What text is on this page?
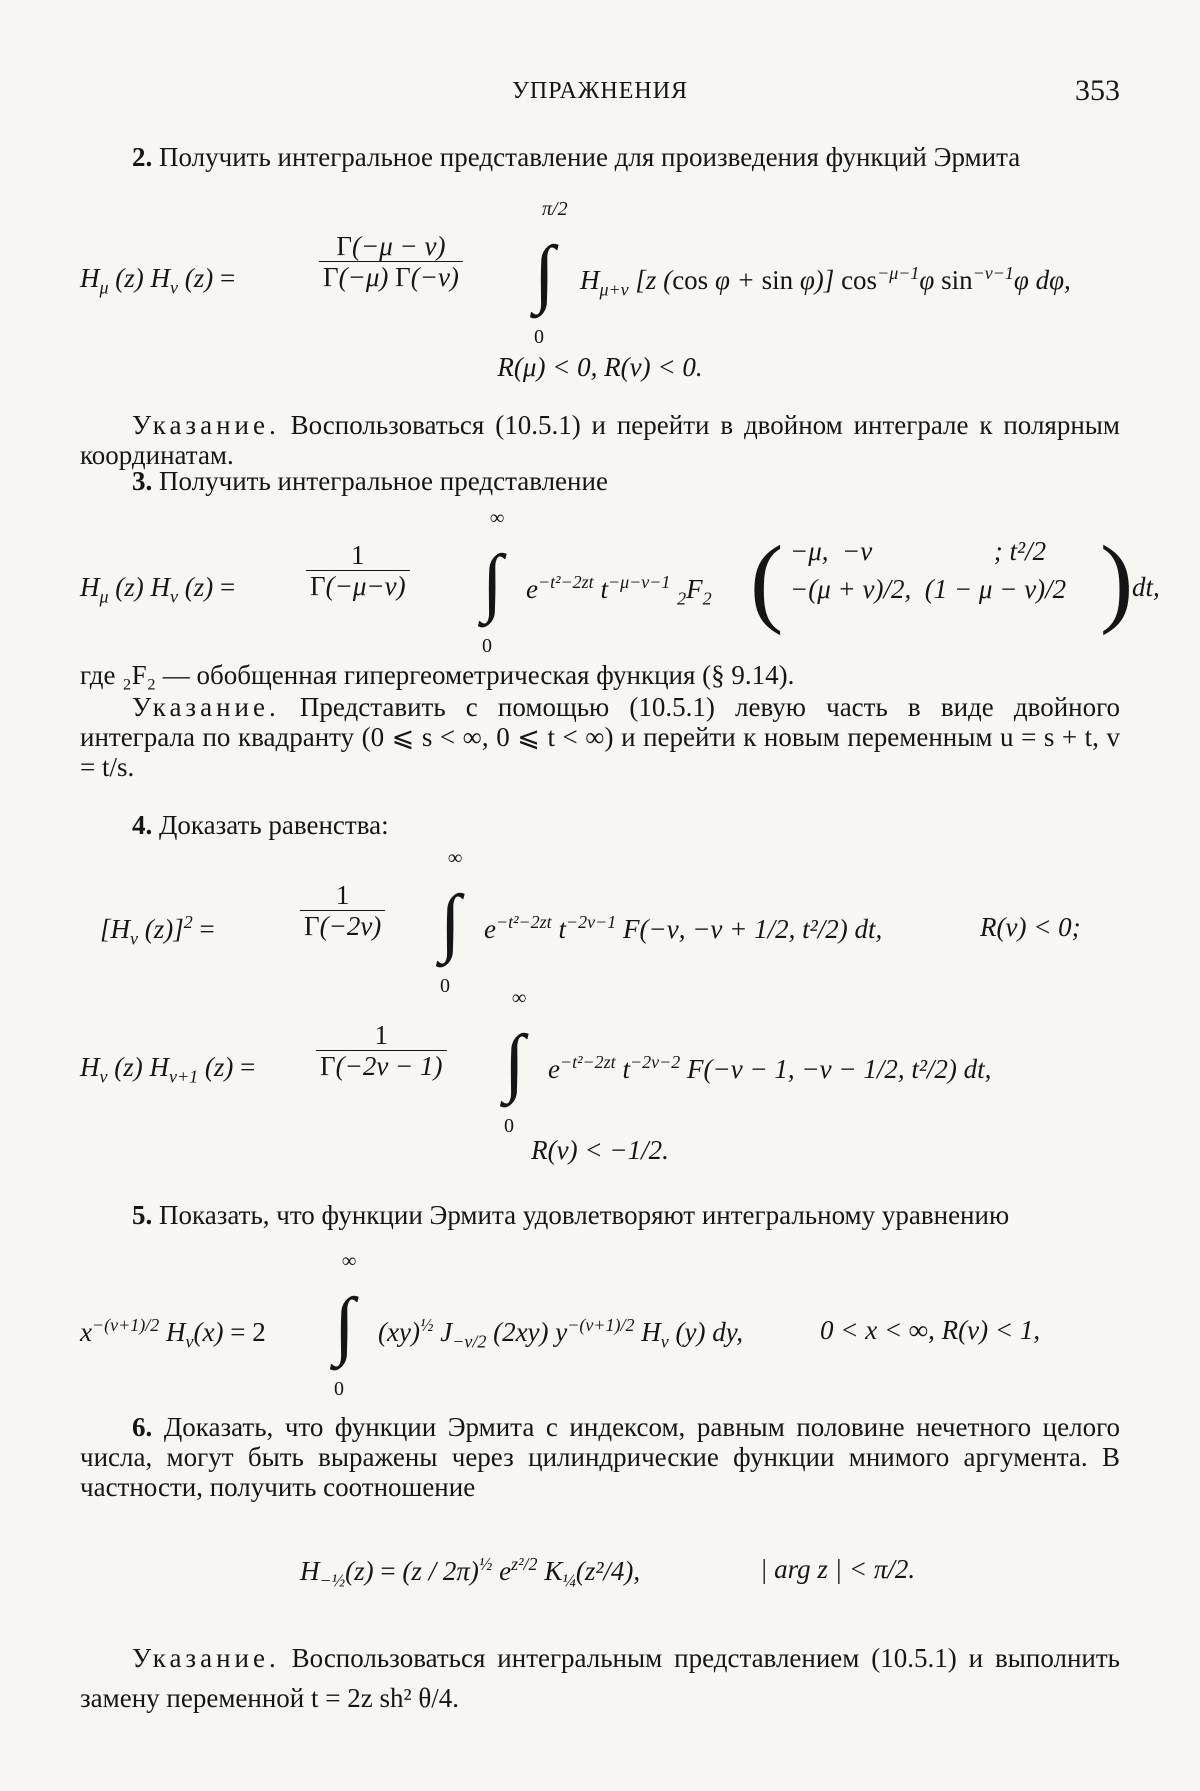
УПРАЖНЕНИЯ	353

2. Получить интегральное представление для произведения функций Эрмита

$H_\mu$ (z) $H_\nu$ (z) =	$\frac{\Gamma(-\mu - \nu)}{\Gamma(-\mu) \Gamma(-\nu)}$ ∫
π/2
0
$H_{\mu+\nu}$ [z (cos φ + sin φ)] $\cos^{-\mu-1}\varphi$ $\sin^{-\nu-1}\varphi$ dφ,
R(μ) < 0, R(ν) < 0.

Указание. Воспользоваться (10.5.1) и перейти в двойном интеграле к полярным координатам.

3. Получить интегральное представление

$H_\mu$ (z) $H_\nu$ (z) =	$\frac{1}{\Gamma(-\mu-\nu)}$ ∫
∞
0
$e^{-t^2-2zt}$ $t^{-\mu-\nu-1}$ $_2F_2$ ( −μ,  −ν                  ; t²/2
−(μ + ν)/2,  (1 − μ − ν)/2 )
dt,

где ₂F₂ — обобщенная гипергеометрическая функция (§ 9.14).

Указание. Представить с помощью (10.5.1) левую часть в виде двойного интеграла по квадранту (0 ⩽ s < ∞, 0 ⩽ t < ∞) и перейти к новым переменным u = s + t, v = t/s.

4. Доказать равенства:

[$H_\nu$ (z)]$^2$ =	$\frac{1}{\Gamma(-2\nu)}$ ∫
∞
0
$e^{-t^2-2zt}$ $t^{-2\nu-1}$ F(−ν, −ν + 1/2, t²/2) dt,	R(ν) < 0;
$H_\nu$ (z) $H_{\nu+1}$ $(z) = \frac{1}{\Gamma(-2\nu - 1)}$ ∫
∞
0
$e^{-t^2-2zt}$ $t^{-2\nu-2}$ F(−ν − 1, −ν − 1/2, t²/2) dt,
R(ν) < −1/2.

5. Показать, что функции Эрмита удовлетворяют интегральному уравнению

$x^{-(\nu+1)/2}$ $H_\nu(x) = 2$ ∫
∞
0
(xy)$^{\frac{1}{2}}$ $J_{-\nu/2}$ (2xy) $y^{-(\nu+1)/2}$ $H_\nu$ (y) dy,	0 < x < ∞, R(ν) < 1,

6. Доказать, что функции Эрмита с индексом, равным половине нечетного целого числа, могут быть выражены через цилиндрические функции мнимого аргумента. В частности, получить соотношение

$H_{-\frac{1}{2}}(z) = (z / 2\pi)^{\frac{1}{2}}$ $e^{z^2/2}$ $K_{\frac{1}{4}}(z^2/4)$,	| arg z | < π/2.

Указание. Воспользоваться интегральным представлением (10.5.1) и выполнить замену переменной t = 2z sh² θ/4.
